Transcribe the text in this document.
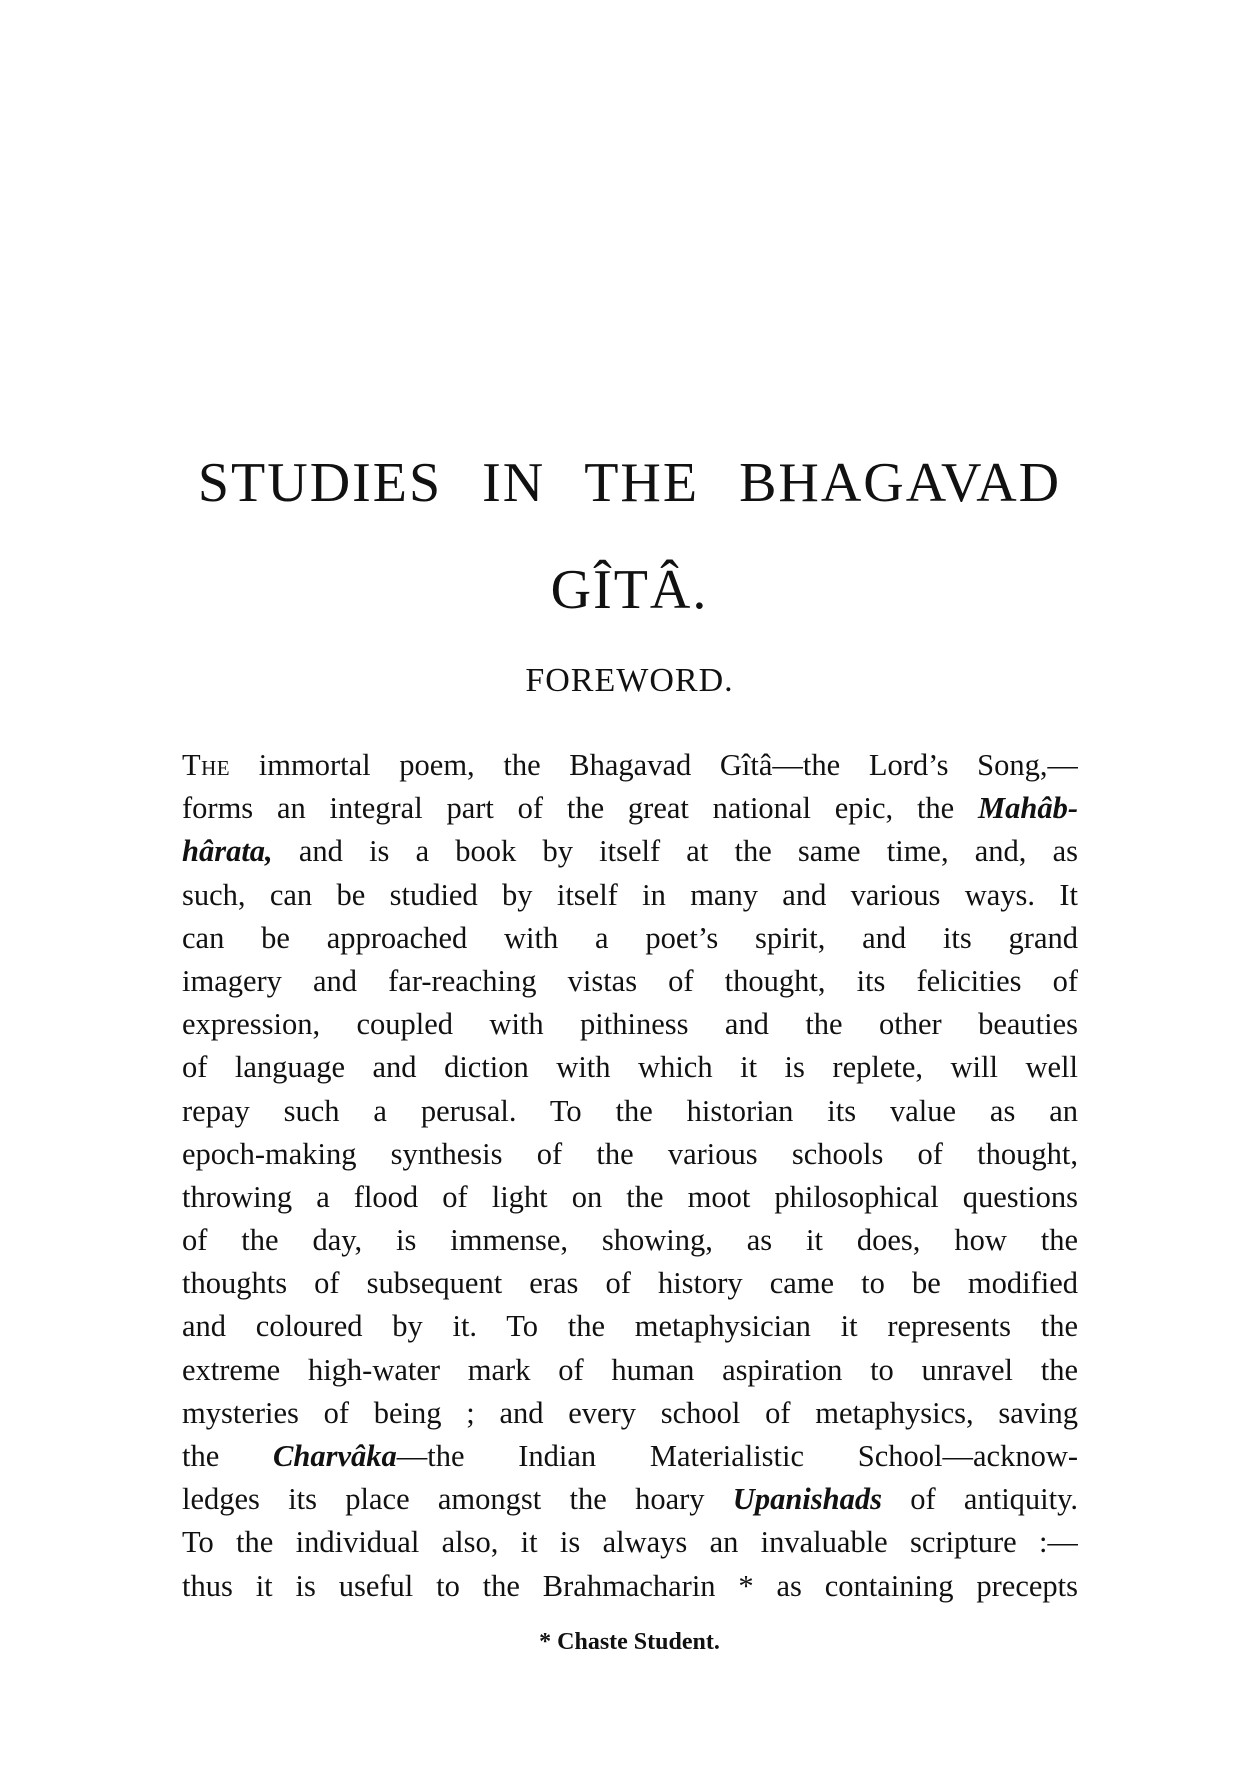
STUDIES IN THE BHAGAVAD
GÎTÂ.
FOREWORD.
The immortal poem, the Bhagavad Gîtâ—the Lord’s Song,—
forms an integral part of the great national epic, the Mahâb-
hârata, and is a book by itself at the same time, and, as
such, can be studied by itself in many and various ways. It
can be approached with a poet’s spirit, and its grand
imagery and far-reaching vistas of thought, its felicities of
expression, coupled with pithiness and the other beauties
of language and diction with which it is replete, will well
repay such a perusal. To the historian its value as an
epoch-making synthesis of the various schools of thought,
throwing a flood of light on the moot philosophical questions
of the day, is immense, showing, as it does, how the
thoughts of subsequent eras of history came to be modified
and coloured by it. To the metaphysician it represents the
extreme high-water mark of human aspiration to unravel the
mysteries of being ; and every school of metaphysics, saving
the Charvâka—the Indian Materialistic School—acknow-
ledges its place amongst the hoary Upanishads of antiquity.
To the individual also, it is always an invaluable scripture :—
thus it is useful to the Brahmacharin * as containing precepts
* Chaste Student.
